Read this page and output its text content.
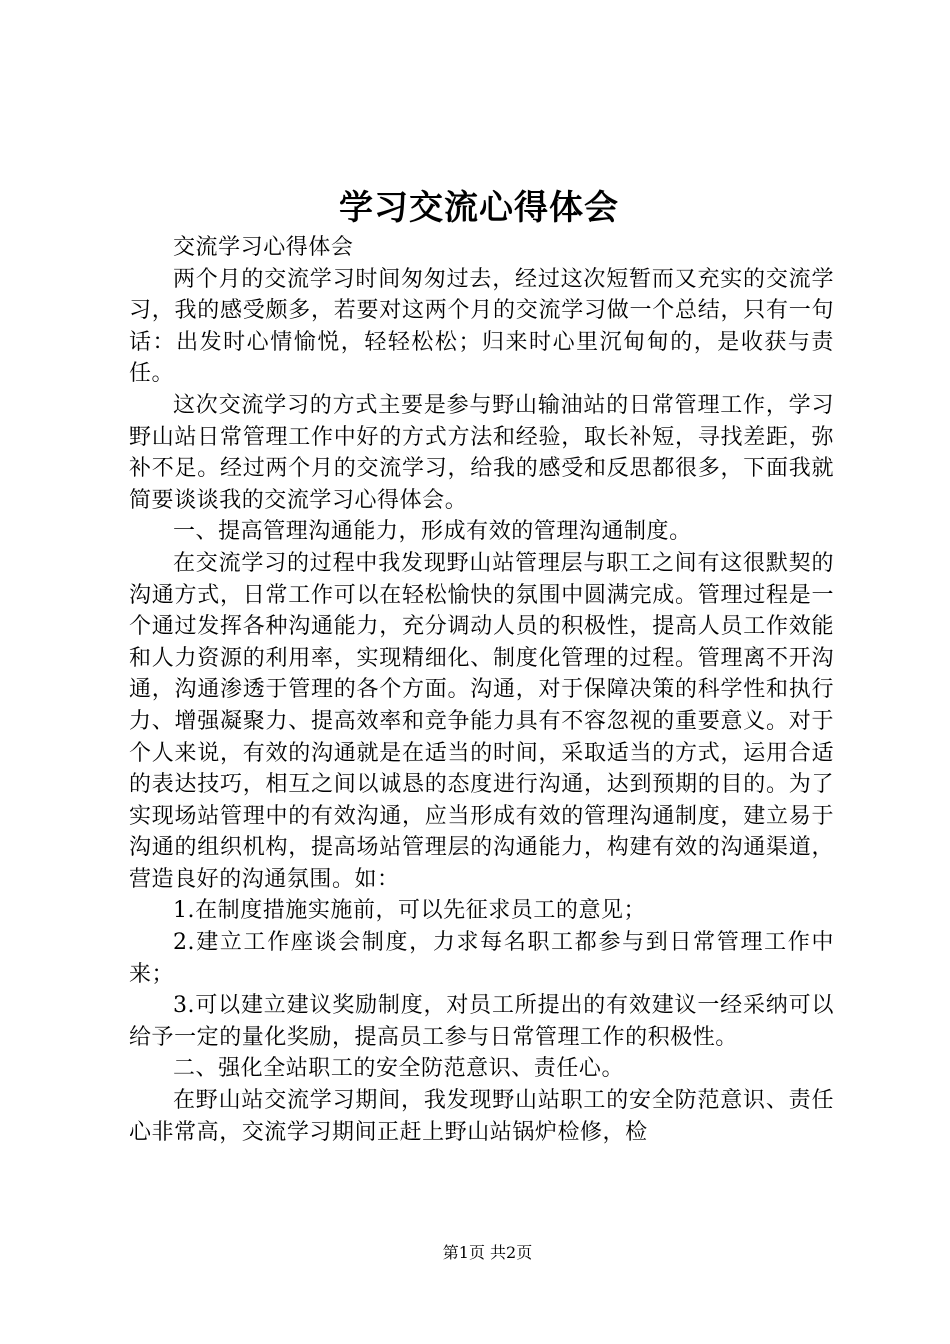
学习交流心得体会

交流学习心得体会

两个月的交流学习时间匆匆过去，经过这次短暂而又充实的交流学习，我的感受颇多，若要对这两个月的交流学习做一个总结，只有一句话：出发时心情愉悦，轻轻松松；归来时心里沉甸甸的，是收获与责任。

这次交流学习的方式主要是参与野山输油站的日常管理工作，学习野山站日常管理工作中好的方式方法和经验，取长补短，寻找差距，弥补不足。经过两个月的交流学习，给我的感受和反思都很多，下面我就简要谈谈我的交流学习心得体会。

一、提高管理沟通能力，形成有效的管理沟通制度。

在交流学习的过程中我发现野山站管理层与职工之间有这很默契的沟通方式，日常工作可以在轻松愉快的氛围中圆满完成。管理过程是一个通过发挥各种沟通能力，充分调动人员的积极性，提高人员工作效能和人力资源的利用率，实现精细化、制度化管理的过程。管理离不开沟通，沟通渗透于管理的各个方面。沟通，对于保障决策的科学性和执行力、增强凝聚力、提高效率和竞争能力具有不容忽视的重要意义。对于个人来说，有效的沟通就是在适当的时间，采取适当的方式，运用合适的表达技巧，相互之间以诚恳的态度进行沟通，达到预期的目的。为了实现场站管理中的有效沟通，应当形成有效的管理沟通制度，建立易于沟通的组织机构，提高场站管理层的沟通能力，构建有效的沟通渠道，营造良好的沟通氛围。如：

1.在制度措施实施前，可以先征求员工的意见；

2.建立工作座谈会制度，力求每名职工都参与到日常管理工作中来；

3.可以建立建议奖励制度，对员工所提出的有效建议一经采纳可以给予一定的量化奖励，提高员工参与日常管理工作的积极性。

二、强化全站职工的安全防范意识、责任心。

在野山站交流学习期间，我发现野山站职工的安全防范意识、责任心非常高，交流学习期间正赶上野山站锅炉检修，检

第1页 共2页
